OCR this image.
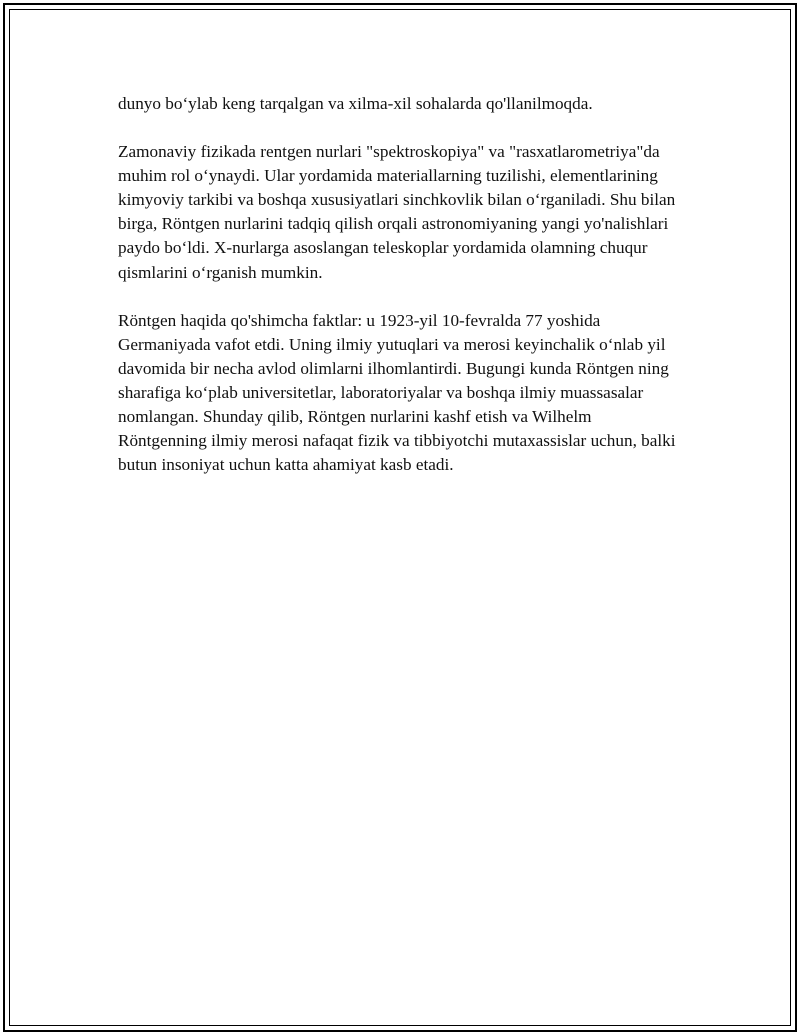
dunyo bo‘ylab keng tarqalgan va xilma-xil sohalarda qo'llanilmoqda.

Zamonaviy fizikada rentgen nurlari "spektroskopiya" va "rasxatlarometriya"da muhim rol o‘ynaydi. Ular yordamida materiallarning tuzilishi, elementlarining kimyoviy tarkibi va boshqa xususiyatlari sinchkovlik bilan o‘rganiladi. Shu bilan birga, Röntgen nurlarini tadqiq qilish orqali astronomiyaning yangi yo'nalishlari paydo bo‘ldi. X-nurlarga asoslangan teleskoplar yordamida olamning chuqur qismlarini o‘rganish mumkin.

Röntgen haqida qo'shimcha faktlar: u 1923-yil 10-fevralda 77 yoshida Germaniyada vafot etdi. Uning ilmiy yutuqlari va merosi keyinchalik o‘nlab yil davomida bir necha avlod olimlarni ilhomlantirdi. Bugungi kunda Röntgen ning sharafiga ko‘plab universitetlar, laboratoriyalar va boshqa ilmiy muassasalar nomlangan. Shunday qilib, Röntgen nurlarini kashf etish va Wilhelm Röntgenning ilmiy merosi nafaqat fizik va tibbiyotchi mutaxassislar uchun, balki butun insoniyat uchun katta ahamiyat kasb etadi.
